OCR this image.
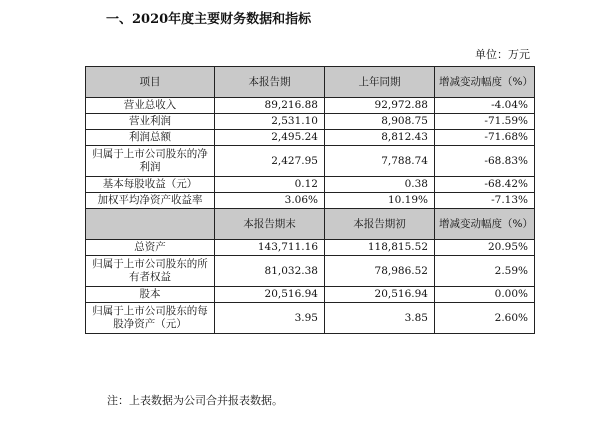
一、2020年度主要财务数据和指标
单位：万元
项目	本报告期	上年同期	增减变动幅度（%）
营业总收入	89,216.88	92,972.88	-4.04%
营业利润	2,531.10	8,908.75	-71.59%
利润总额	2,495.24	8,812.43	-71.68%
归属于上市公司股东的净利润	2,427.95	7,788.74	-68.83%
基本每股收益（元）	0.12	0.38	-68.42%
加权平均净资产收益率	3.06%	10.19%	-7.13%
	本报告期末	本报告期初	增减变动幅度（%）
总资产	143,711.16	118,815.52	20.95%
归属于上市公司股东的所有者权益	81,032.38	78,986.52	2.59%
股本	20,516.94	20,516.94	0.00%
归属于上市公司股东的每股净资产（元）	3.95	3.85	2.60%
注：上表数据为公司合并报表数据。
